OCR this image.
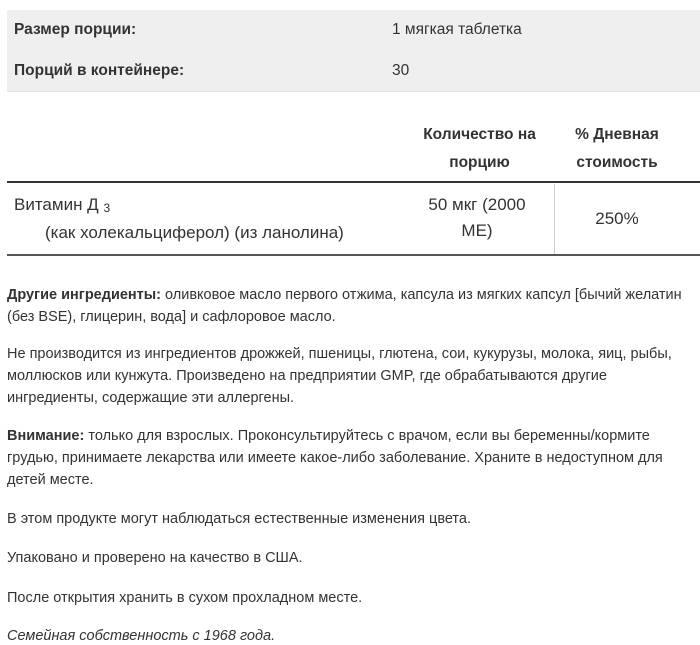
Размер порции:	1 мягкая таблетка
Порций в контейнере:	30
Количество на
порцию
% Дневная
стоимость
Витамин Д $_3$
(как холекальциферол) (из ланолина)
50 мкг (2000
МЕ)
250%

Другие ингредиенты: оливковое масло первого отжима, капсула из мягких капсул [бычий желатин (без BSE), глицерин, вода] и сафлоровое масло.

Не производится из ингредиентов дрожжей, пшеницы, глютена, сои, кукурузы, молока, яиц, рыбы, моллюсков или кунжута. Произведено на предприятии GMP, где обрабатываются другие ингредиенты, содержащие эти аллергены.

Внимание: только для взрослых. Проконсультируйтесь с врачом, если вы беременны/кормите грудью, принимаете лекарства или имеете какое-либо заболевание. Храните в недоступном для детей месте.

В этом продукте могут наблюдаться естественные изменения цвета.

Упаковано и проверено на качество в США.

После открытия хранить в сухом прохладном месте.

Семейная собственность с 1968 года.
